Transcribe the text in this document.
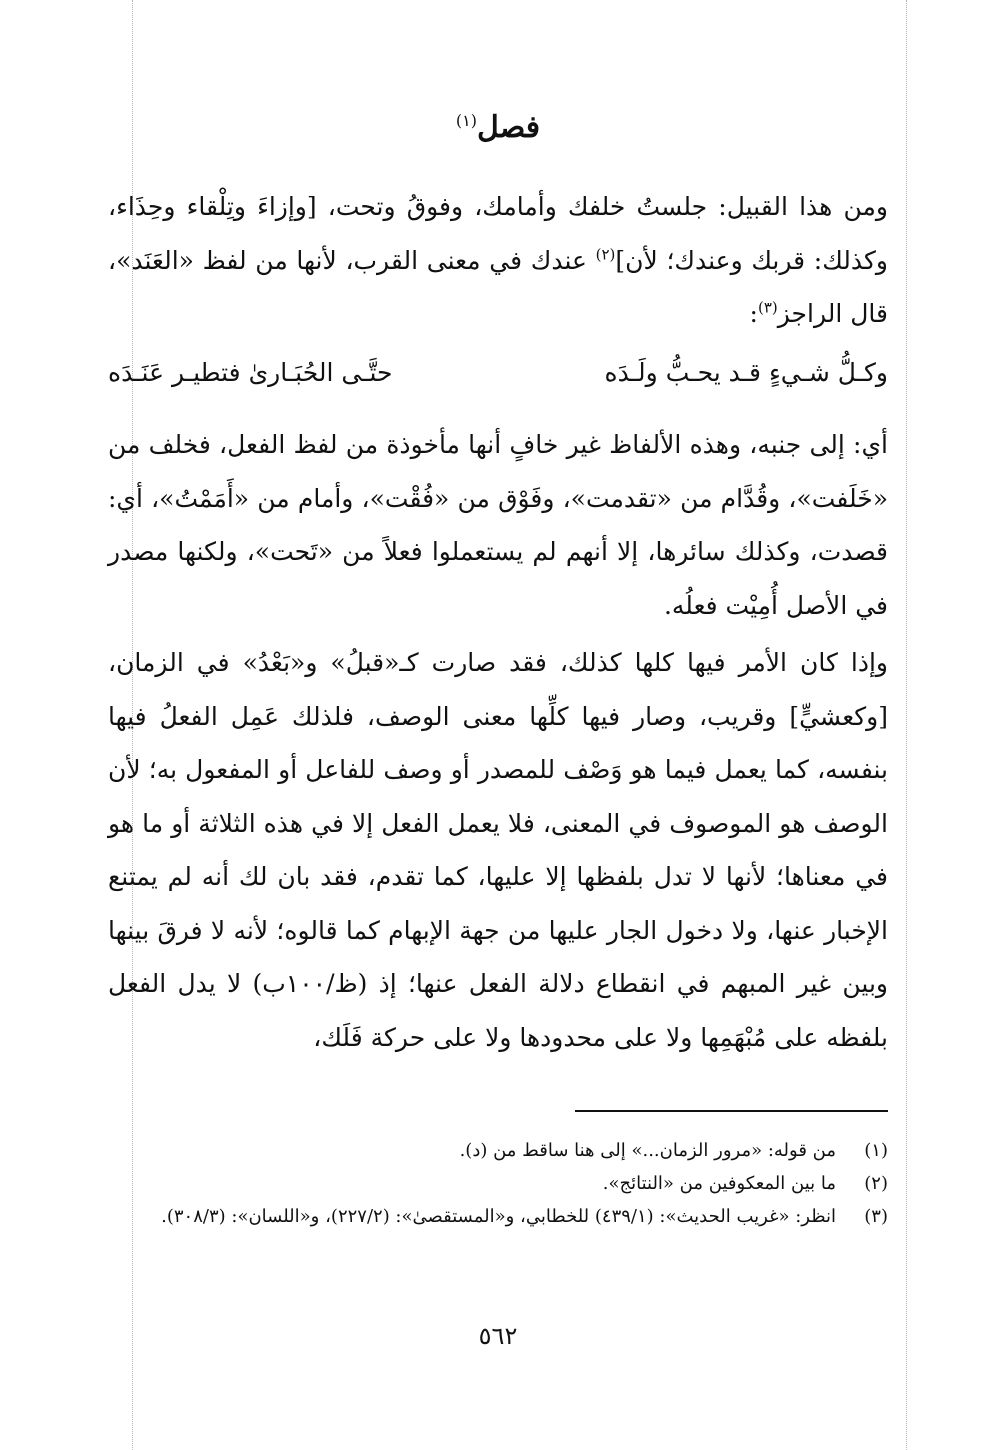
فصل$^{(١)}$
ومن هذا القبيل: جلستُ خلفك وأمامك، وفوقُ وتحت، [وإزاءَ وتِلْقاء وحِذَاء، وكذلك: قربك وعندك؛ لأن]$^{(٢)}$ عندك في معنى القرب، لأنها من لفظ «العَنَد»، قال الراجز$^{(٣)}$:
وكـلُّ شـيءٍ قـد يحـبُّ ولَـدَه
حتَّـى الحُبَـارىٰ فتطيـر عَنَـدَه
أي: إلى جنبه، وهذه الألفاظ غير خافٍ أنها مأخوذة من لفظ الفعل، فخلف من «خَلَفت»، وقُدَّام من «تقدمت»، وفَوْق من «فُقْت»، وأمام من «أَمَمْتُ»، أي: قصدت، وكذلك سائرها، إلا أنهم لم يستعملوا فعلاً من «تَحت»، ولكنها مصدر في الأصل أُمِيْت فعلُه.
وإذا كان الأمر فيها كلها كذلك، فقد صارت كـ«قبلُ» و«بَعْدُ» في الزمان، [وكعشيٍّ] وقريب، وصار فيها كلِّها معنى الوصف، فلذلك عَمِل الفعلُ فيها بنفسه، كما يعمل فيما هو وَصْف للمصدر أو وصف للفاعل أو المفعول به؛ لأن الوصف هو الموصوف في المعنى، فلا يعمل الفعل إلا في هذه الثلاثة أو ما هو في معناها؛ لأنها لا تدل بلفظها إلا عليها، كما تقدم، فقد بان لك أنه لم يمتنع الإخبار عنها، ولا دخول الجار عليها من جهة الإبهام كما قالوه؛ لأنه لا فرقَ بينها وبين غير المبهم في انقطاع دلالة الفعل عنها؛ إذ (ظ/١٠٠ب) لا يدل الفعل بلفظه على مُبْهَمِها ولا على محدودها ولا على حركة فَلَك،
(١)
من قوله: «مرور الزمان...» إلى هنا ساقط من (د).
(٢)
ما بين المعكوفين من «النتائج».
(٣)
انظر: «غريب الحديث»: (٤٣٩/١) للخطابي، و«المستقصىٰ»: (٢٢٧/٢)، و«اللسان»: (٣٠٨/٣).
٥٦٢
